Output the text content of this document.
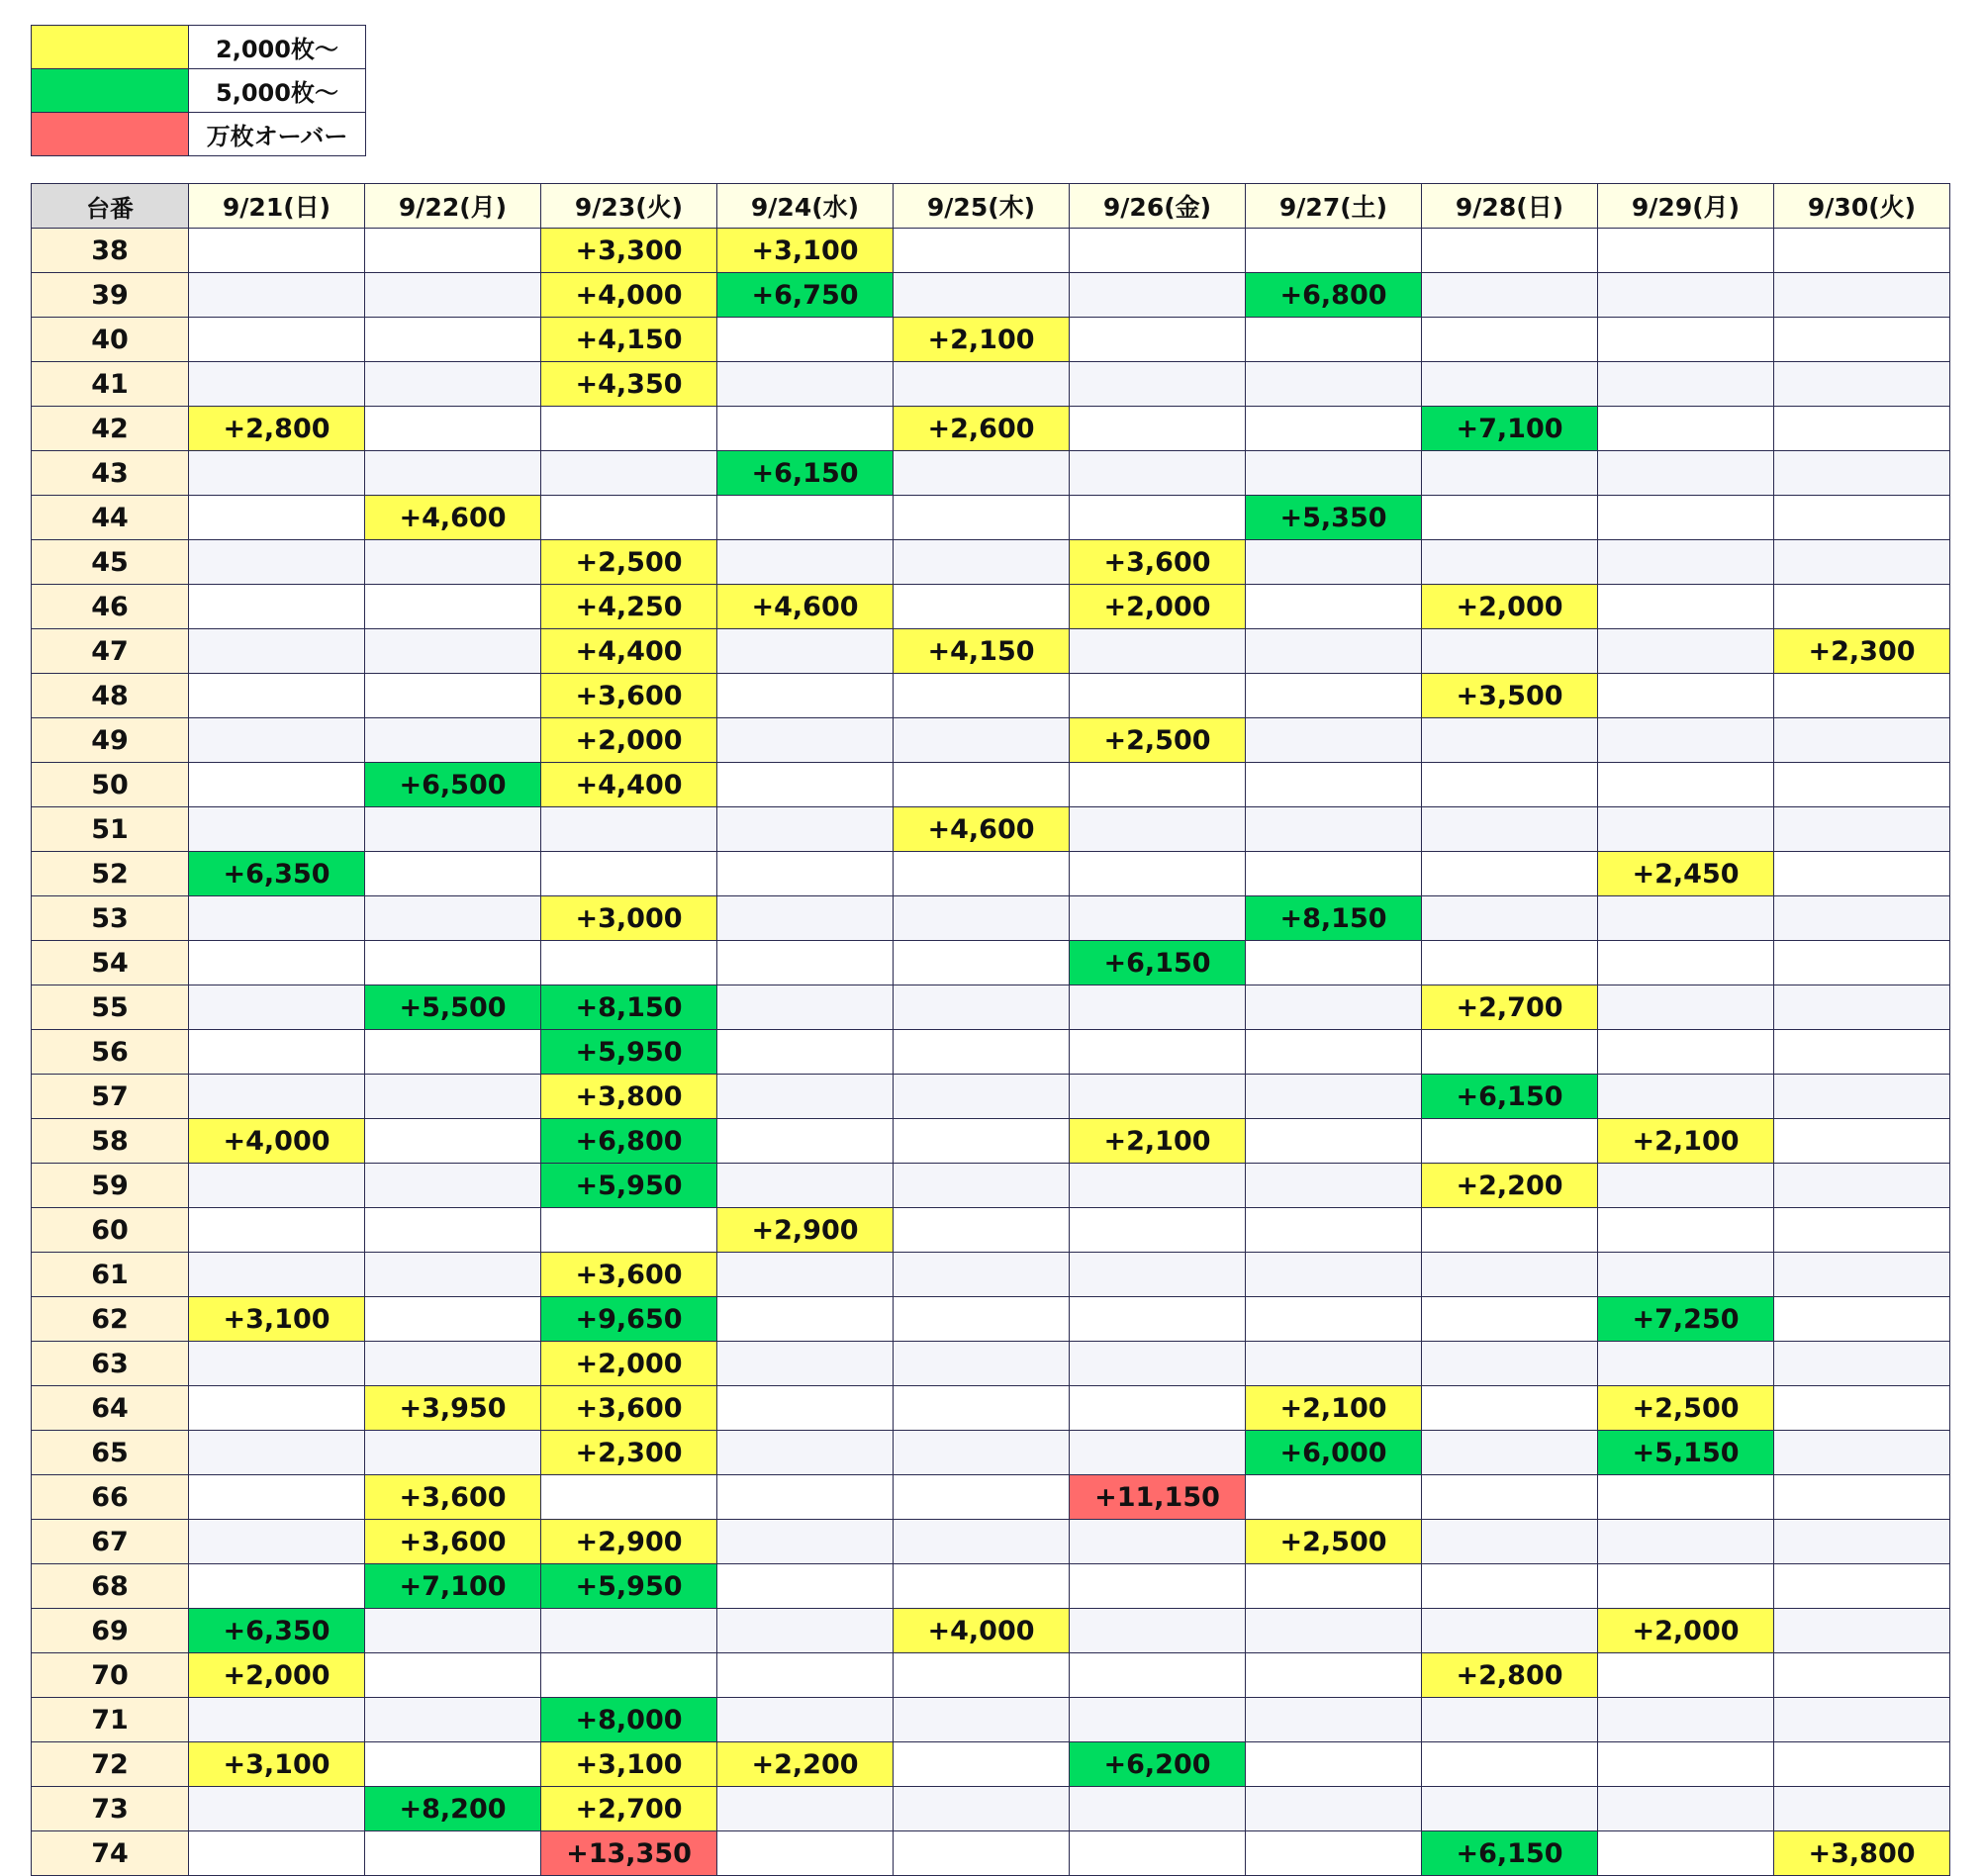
	2,000枚〜
	5,000枚〜
	万枚オーバー
台番	9/21(日)	9/22(月)	9/23(火)	9/24(水)	9/25(木)	9/26(金)	9/27(土)	9/28(日)	9/29(月)	9/30(火)
38			+3,300	+3,100						
39			+4,000	+6,750			+6,800			
40			+4,150		+2,100					
41			+4,350							
42	+2,800				+2,600			+7,100		
43				+6,150						
44		+4,600					+5,350			
45			+2,500			+3,600				
46			+4,250	+4,600		+2,000		+2,000		
47			+4,400		+4,150					+2,300
48			+3,600					+3,500		
49			+2,000			+2,500				
50		+6,500	+4,400							
51					+4,600					
52	+6,350								+2,450	
53			+3,000				+8,150			
54						+6,150				
55		+5,500	+8,150					+2,700		
56			+5,950							
57			+3,800					+6,150		
58	+4,000		+6,800			+2,100			+2,100	
59			+5,950					+2,200		
60				+2,900						
61			+3,600							
62	+3,100		+9,650						+7,250	
63			+2,000							
64		+3,950	+3,600				+2,100		+2,500	
65			+2,300				+6,000		+5,150	
66		+3,600				+11,150				
67		+3,600	+2,900				+2,500			
68		+7,100	+5,950							
69	+6,350				+4,000				+2,000	
70	+2,000							+2,800		
71			+8,000							
72	+3,100		+3,100	+2,200		+6,200				
73		+8,200	+2,700							
74			+13,350					+6,150		+3,800
